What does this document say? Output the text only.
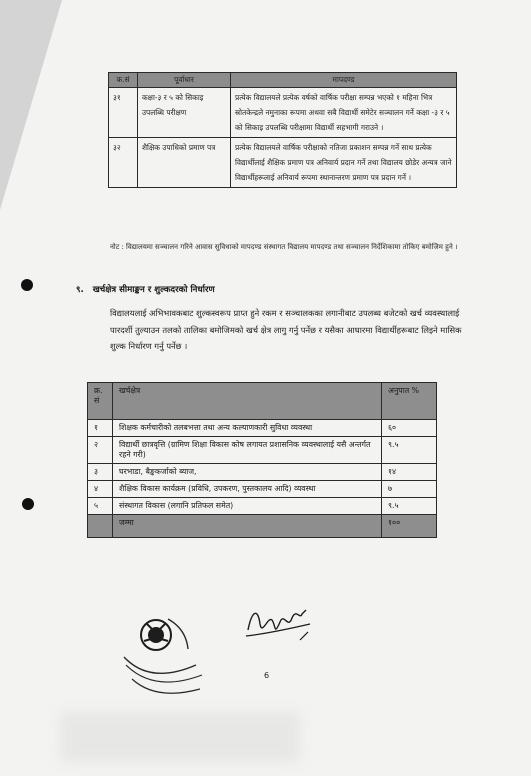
क.सं	पूर्वाधार	मापदण्ड
३१	कक्षा-३ र ५ को सिकाइ उपलब्धि परीक्षण	प्रत्येक विद्यालयले प्रत्येक वर्षको वार्षिक परीक्षा सम्पन्न भएको १ महिना भित्र स्रोतकेन्द्रले नमुनाका रूपमा अथवा सबै विद्यार्थी समेटेर सञ्चालन गर्ने कक्षा -३ र ५ को सिकाइ उपलब्धि परीक्षामा विद्यार्थी सहभागी गराउने ।
३२	शैक्षिक उपाधिको प्रमाण पत्र	प्रत्येक विद्यालयले वार्षिक परीक्षाको नतिजा प्रकाशन सम्पन्न गर्ने साथ प्रत्येक विद्यार्थीलाई शैक्षिक प्रमाण पत्र अनिवार्य प्रदान गर्ने तथा विद्यालय छोडेर अन्यत्र जाने विद्यार्थीहरूलाई अनिवार्य रूपमा स्थानान्तरण प्रमाण पत्र प्रदान गर्ने ।
नोट : विद्यालयमा सञ्चालन गरिने आवास सुविधाको मापदण्ड संस्थागत विद्यालय मापदण्ड तथा सञ्चालन निर्देशिकामा तोकिए बमोजिम हुने ।
९. खर्चक्षेत्र सीमाङ्कन र शुल्कदरको निर्धारण
विद्यालयलाई अभिभावकबाट शुल्कस्वरूप प्राप्त हुने रकम र सञ्चालकका लगानीबाट उपलब्ध बजेटको खर्च व्यवस्थालाई पारदर्शी तुल्याउन तलको तालिका बमोजिमको खर्च क्षेत्र लागु गर्नु पर्नेछ र यसैका आधारमा विद्यार्थीहरूबाट लिइने मासिक शुल्क निर्धारण गर्नु पर्नेछ ।
क्र. सं	खर्चक्षेत्र	अनुपात %
१	शिक्षक कर्मचारीको तलबभत्ता तथा अन्य कल्याणकारी सुविधा व्यवस्था	६०
२	विद्यार्थी छात्रवृत्ति (ग्रामिण शिक्षा विकास कोष लगायत प्रशासनिक व्यवस्थालाई यसै अन्तर्गत रहने गरी)	९.५
३	घरभाडा, बैङ्ककर्जाको ब्याज,	१४
४	शैक्षिक विकास कार्यक्रम (प्रविधि, उपकरण, पुस्तकालय आदि) व्यवस्था	७
५	संस्थागत विकास (लगानि प्रतिफल समेत)	९.५
	जम्मा	१००
6
